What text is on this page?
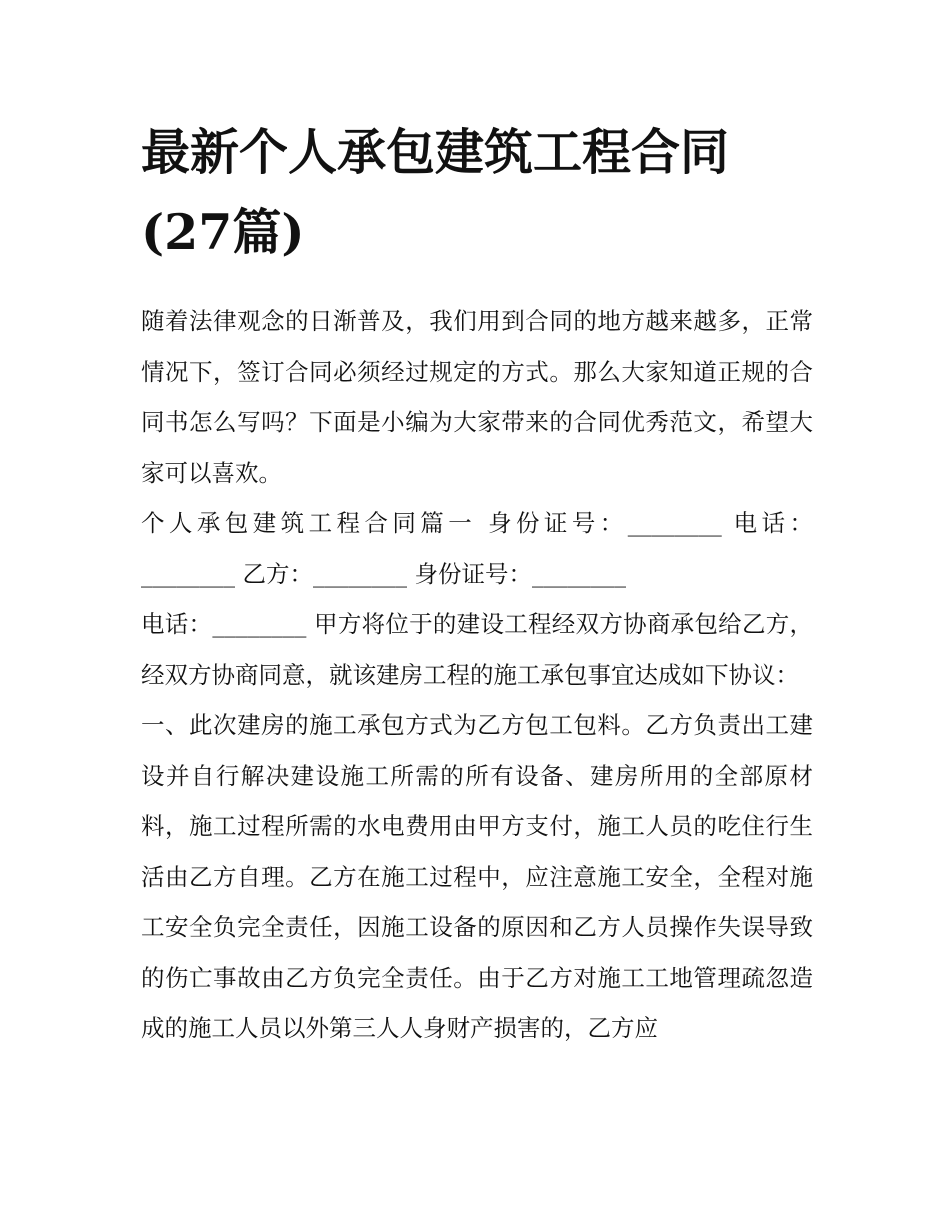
最新个人承包建筑工程合同(27篇)

随着法律观念的日渐普及，我们用到合同的地方越来越多，正常情况下，签订合同必须经过规定的方式。那么大家知道正规的合同书怎么写吗？下面是小编为大家带来的合同优秀范文，希望大家可以喜欢。

个人承包建筑工程合同篇一 身份证号：________ 电话：________ 乙方：________ 身份证号：________

电话：________ 甲方将位于的建设工程经双方协商承包给乙方，经双方协商同意，就该建房工程的施工承包事宜达成如下协议：

一、此次建房的施工承包方式为乙方包工包料。乙方负责出工建设并自行解决建设施工所需的所有设备、建房所用的全部原材料，施工过程所需的水电费用由甲方支付，施工人员的吃住行生活由乙方自理。乙方在施工过程中，应注意施工安全，全程对施工安全负完全责任，因施工设备的原因和乙方人员操作失误导致的伤亡事故由乙方负完全责任。由于乙方对施工工地管理疏忽造成的施工人员以外第三人人身财产损害的，乙方应
